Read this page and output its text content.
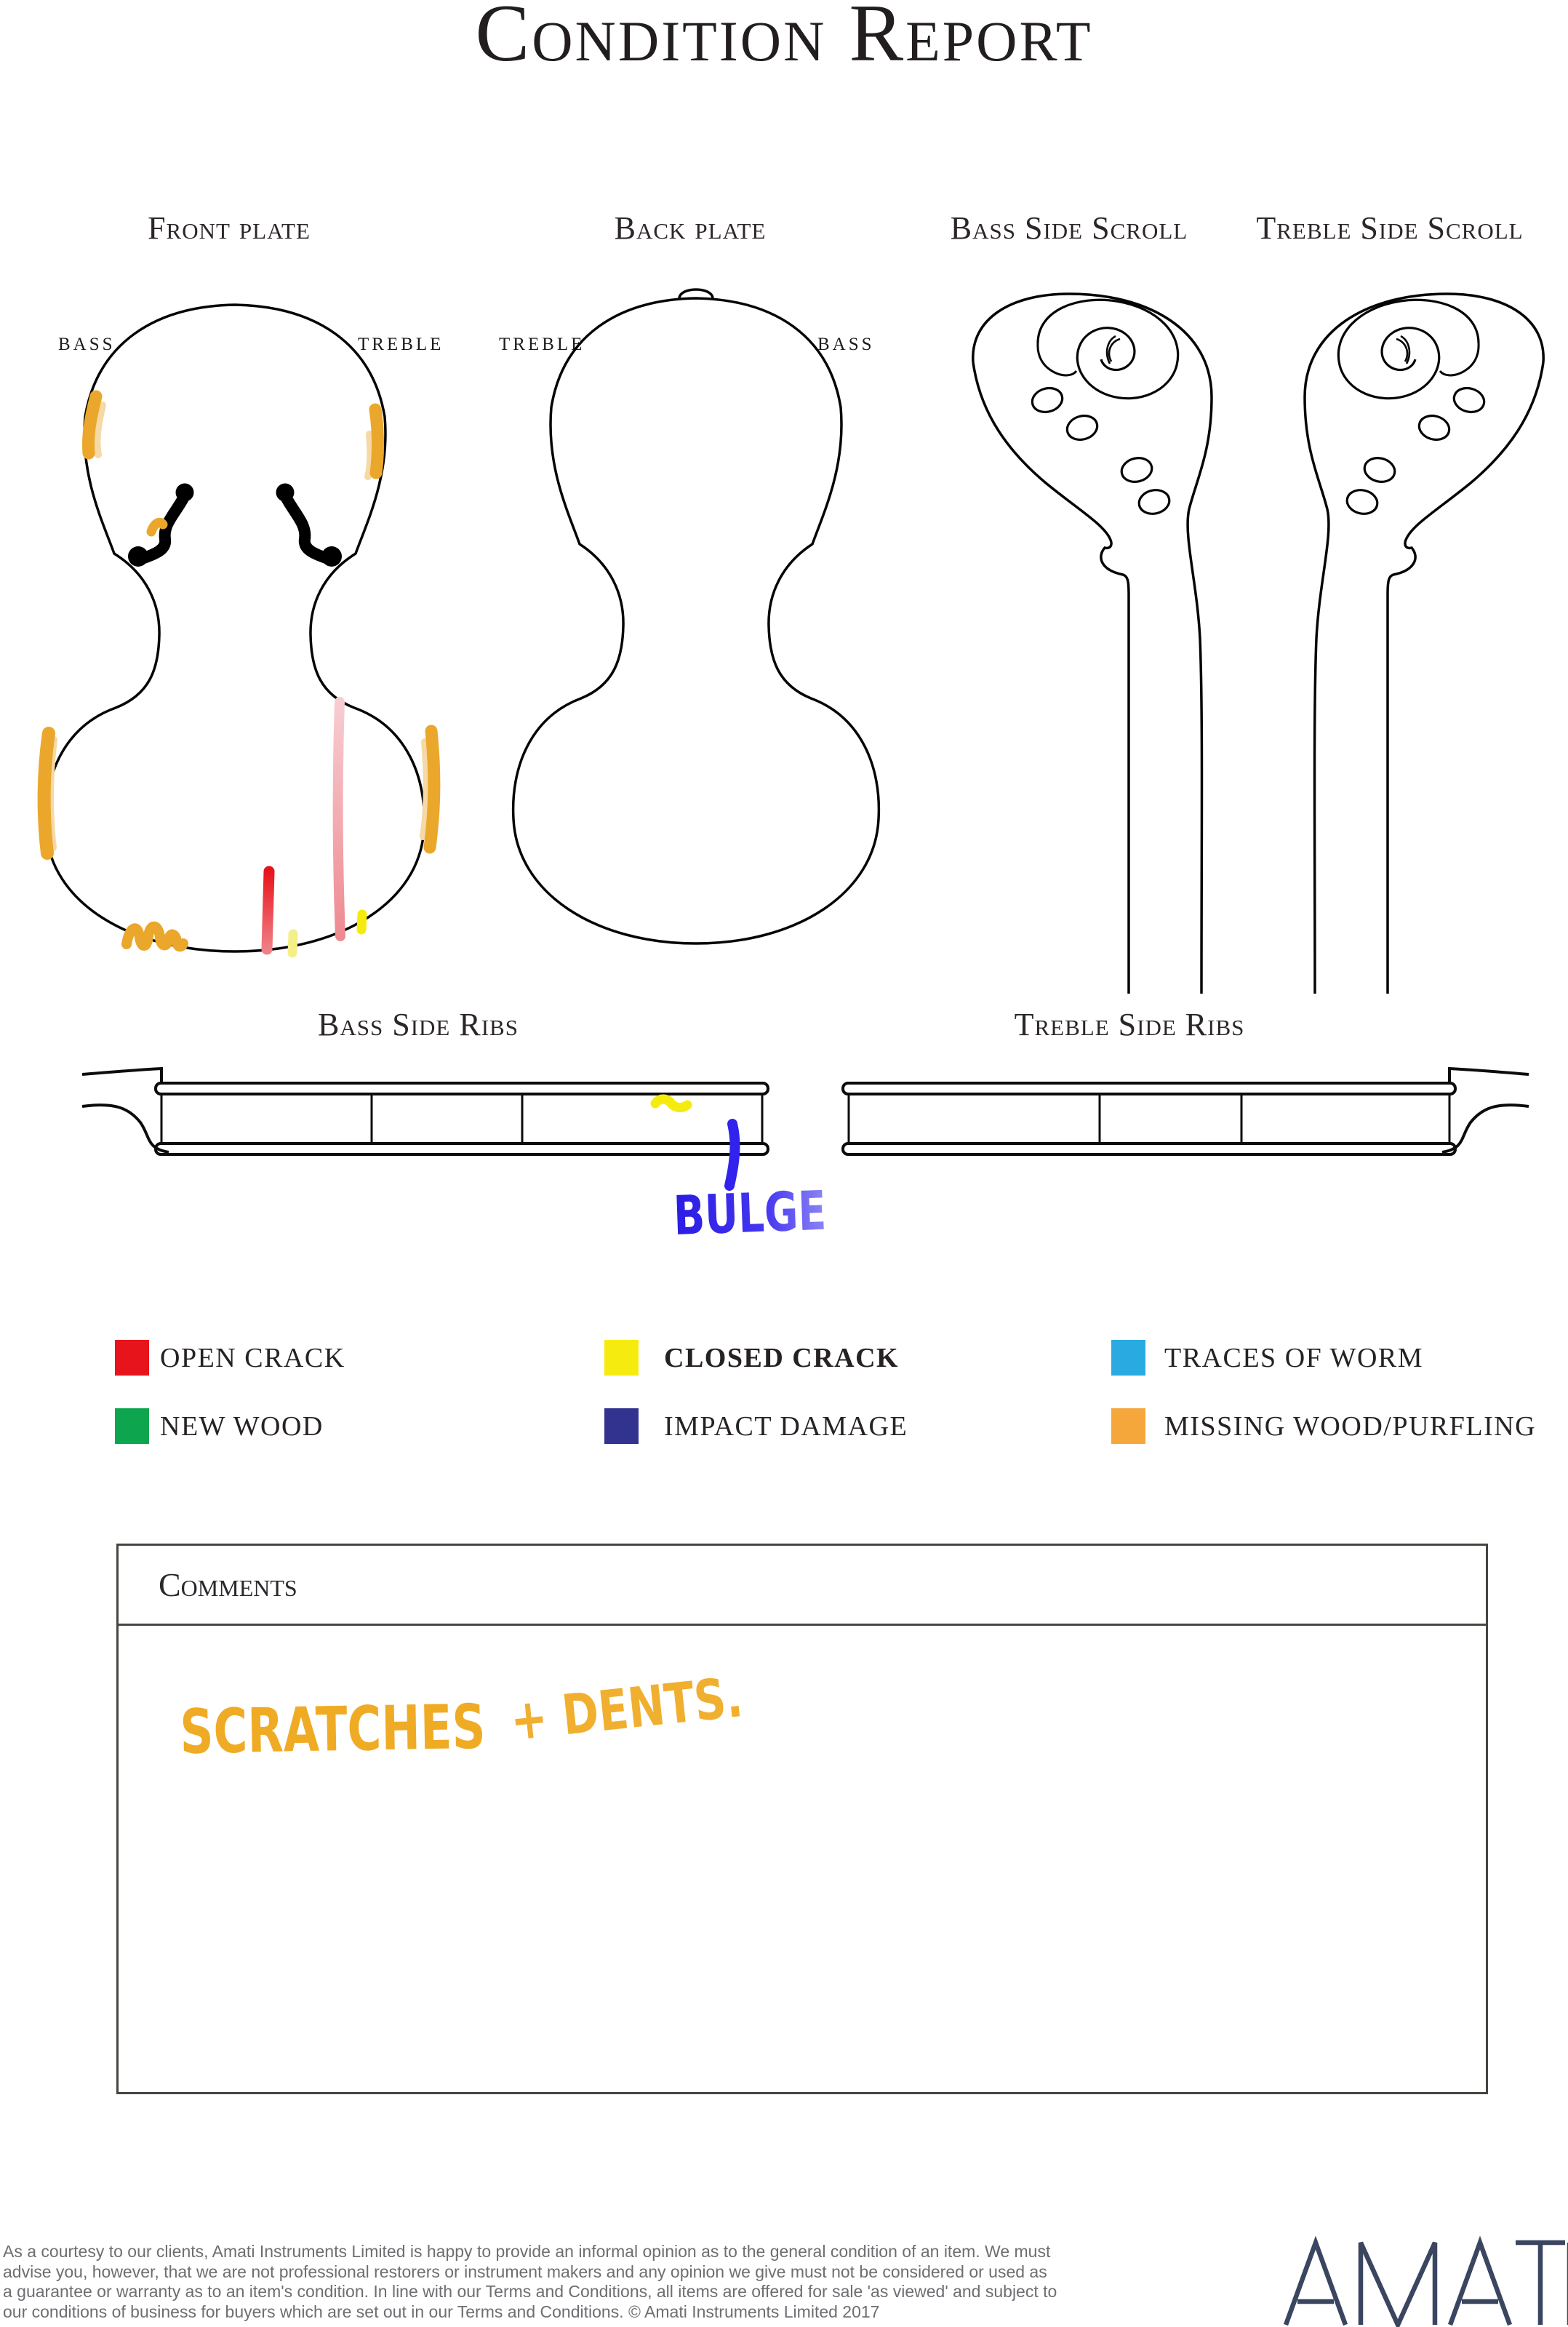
Condition Report
Front plate	Back plate	Bass Side Scroll Treble Side Scroll
BASS	TREBLE	TREBLE	BASS
Bass Side Ribs	Treble Side Ribs
BULGE
OPEN CRACK	CLOSED CRACK	TRACES OF WORM
NEW WOOD	IMPACT DAMAGE	MISSING WOOD/PURFLING
Comments
SCRATCHES
+ DENTS.
As a courtesy to our clients, Amati Instruments Limited is happy to provide an informal opinion as to the general condition of an item. We must
advise you, however, that we are not professional restorers or instrument makers and any opinion we give must not be considered or used as
a guarantee or warranty as to an item's condition. In line with our Terms and Conditions, all items are offered for sale 'as viewed' and subject to
our conditions of business for buyers which are set out in our Terms and Conditions. © Amati Instruments Limited 2017
